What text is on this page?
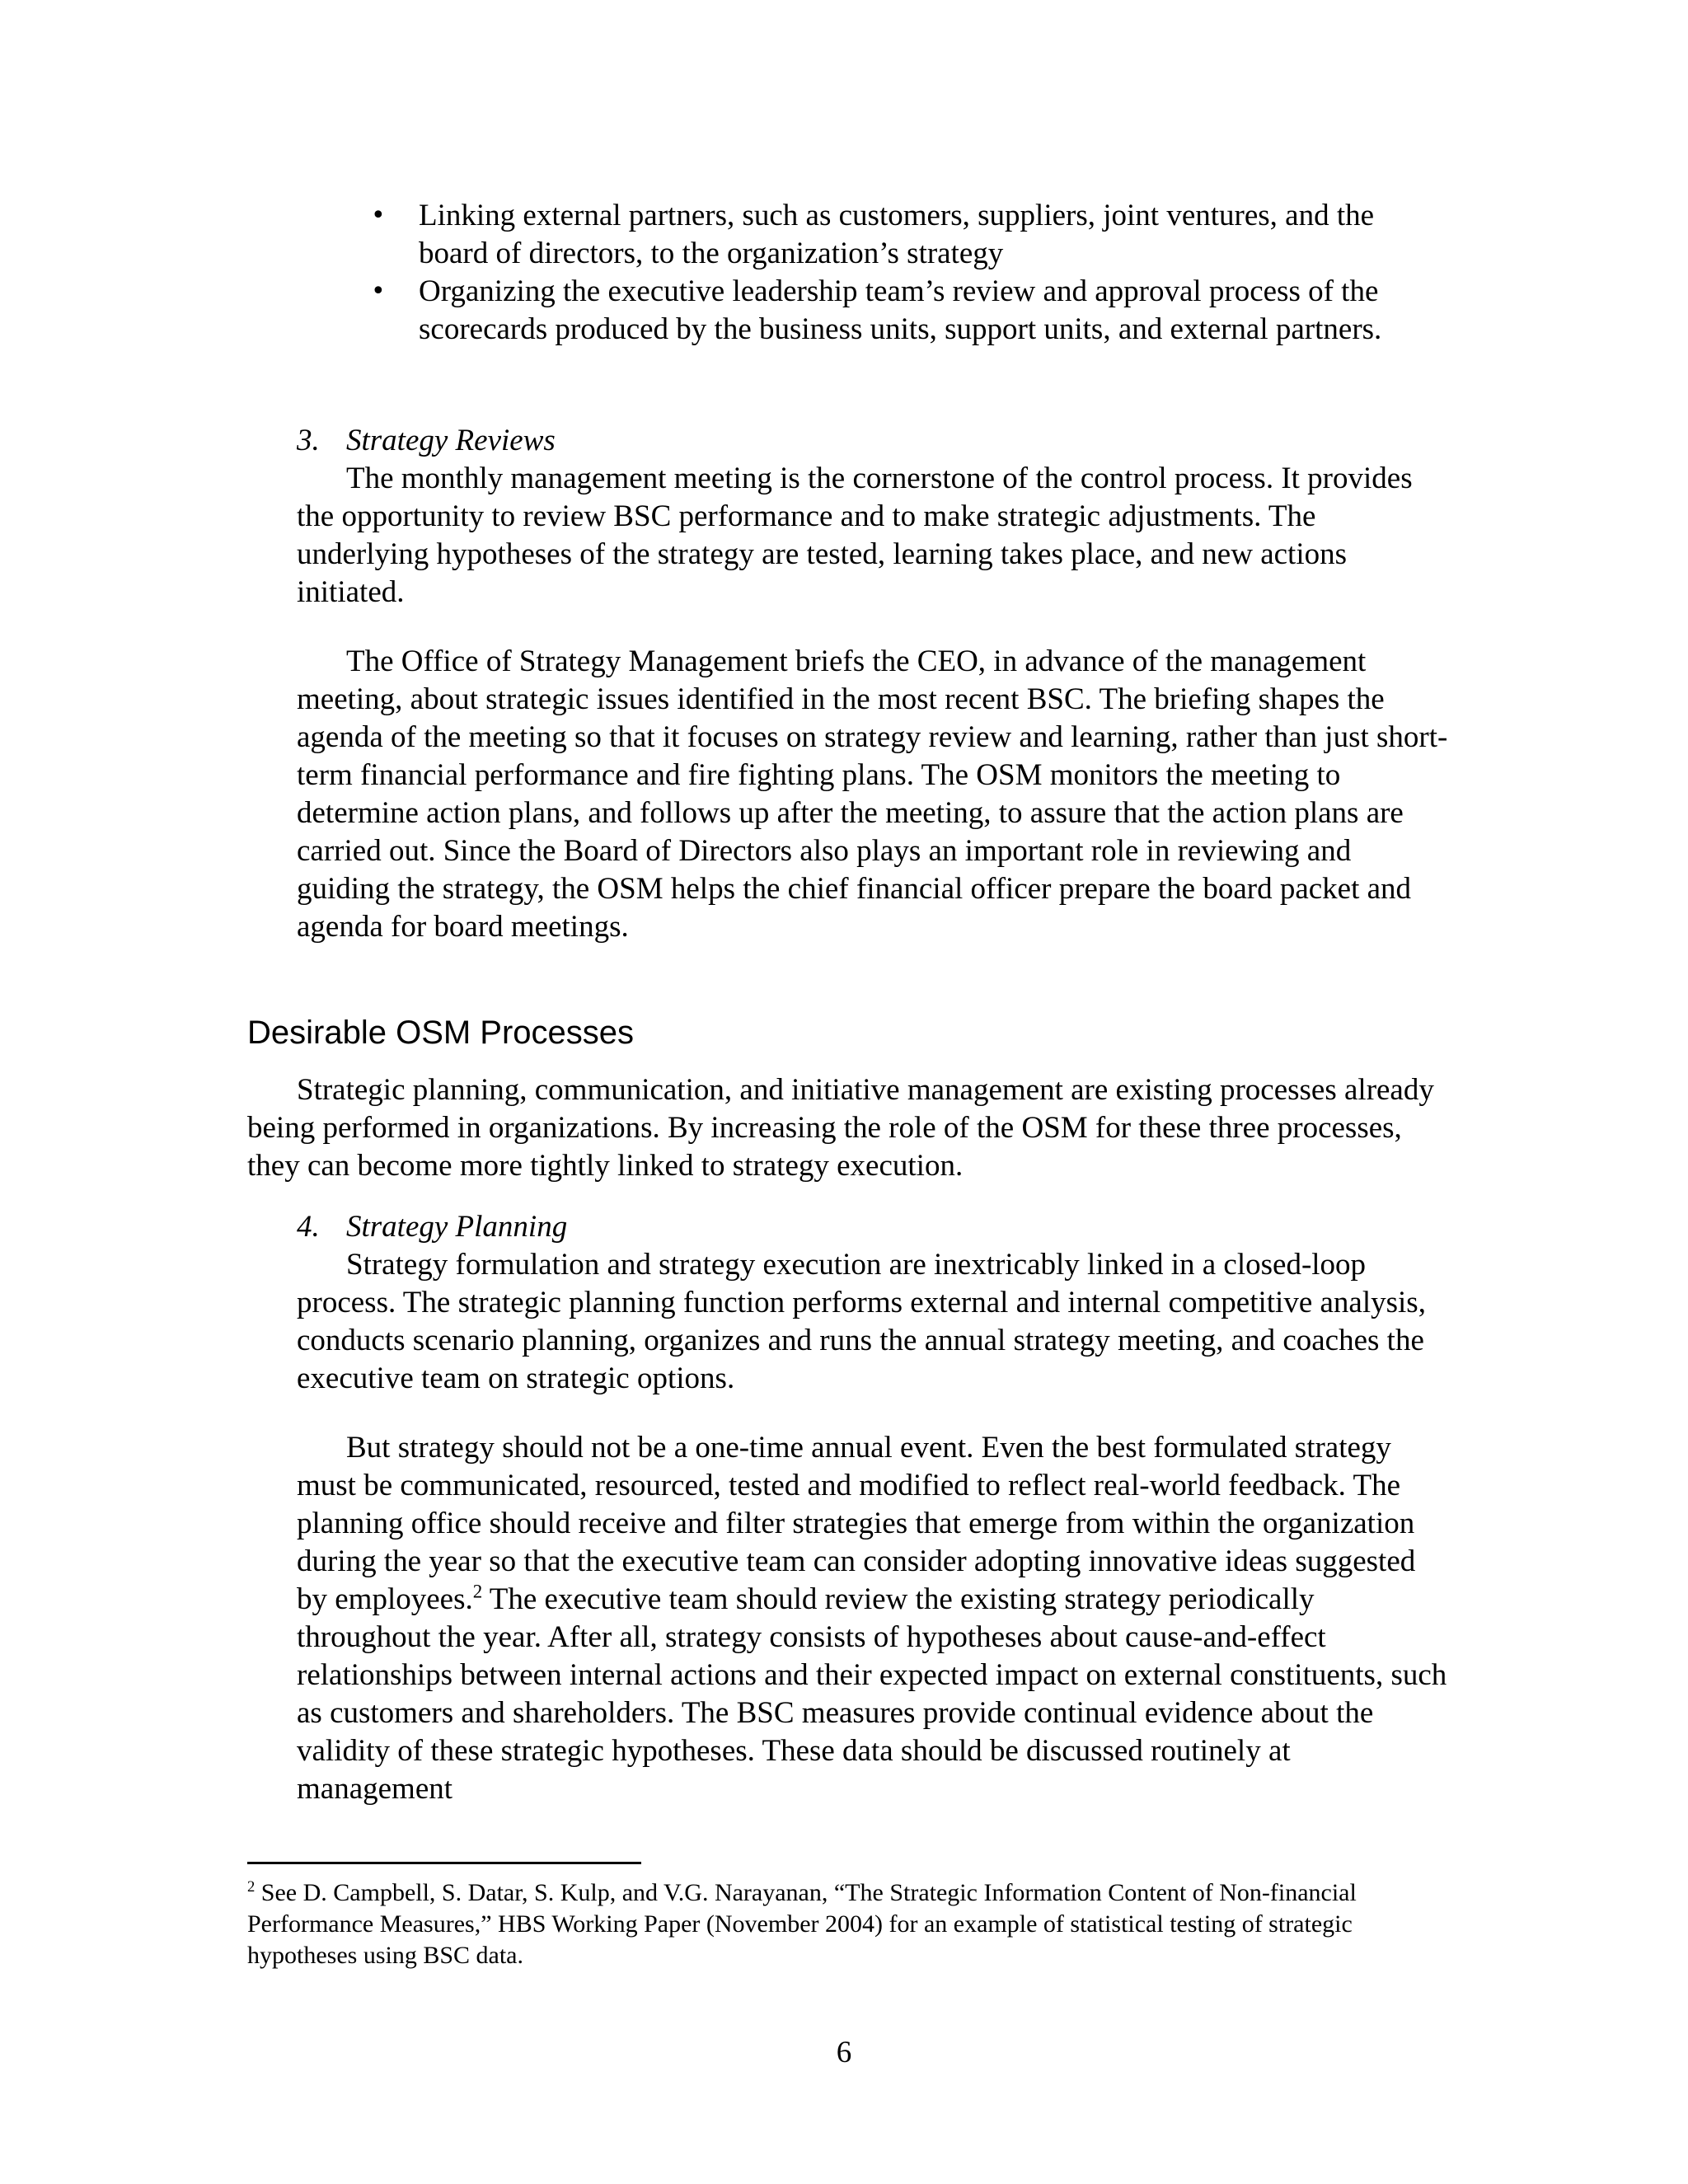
• Linking external partners, such as customers, suppliers, joint ventures, and the board of directors, to the organization’s strategy
• Organizing the executive leadership team’s review and approval process of the scorecards produced by the business units, support units, and external partners.

3. Strategy Reviews

The monthly management meeting is the cornerstone of the control process. It provides the opportunity to review BSC performance and to make strategic adjustments. The underlying hypotheses of the strategy are tested, learning takes place, and new actions initiated.

The Office of Strategy Management briefs the CEO, in advance of the management meeting, about strategic issues identified in the most recent BSC. The briefing shapes the agenda of the meeting so that it focuses on strategy review and learning, rather than just short-term financial performance and fire fighting plans. The OSM monitors the meeting to determine action plans, and follows up after the meeting, to assure that the action plans are carried out. Since the Board of Directors also plays an important role in reviewing and guiding the strategy, the OSM helps the chief financial officer prepare the board packet and agenda for board meetings.

Desirable OSM Processes

Strategic planning, communication, and initiative management are existing processes already being performed in organizations. By increasing the role of the OSM for these three processes, they can become more tightly linked to strategy execution.

4. Strategy Planning

Strategy formulation and strategy execution are inextricably linked in a closed-loop process. The strategic planning function performs external and internal competitive analysis, conducts scenario planning, organizes and runs the annual strategy meeting, and coaches the executive team on strategic options.

But strategy should not be a one-time annual event. Even the best formulated strategy must be communicated, resourced, tested and modified to reflect real-world feedback. The planning office should receive and filter strategies that emerge from within the organization during the year so that the executive team can consider adopting innovative ideas suggested by employees.$^2$ The executive team should review the existing strategy periodically throughout the year. After all, strategy consists of hypotheses about cause-and-effect relationships between internal actions and their expected impact on external constituents, such as customers and shareholders. The BSC measures provide continual evidence about the validity of these strategic hypotheses. These data should be discussed routinely at management

$^2$ See D. Campbell, S. Datar, S. Kulp, and V.G. Narayanan, “The Strategic Information Content of Non-financial Performance Measures,” HBS Working Paper (November 2004) for an example of statistical testing of strategic hypotheses using BSC data.

6
